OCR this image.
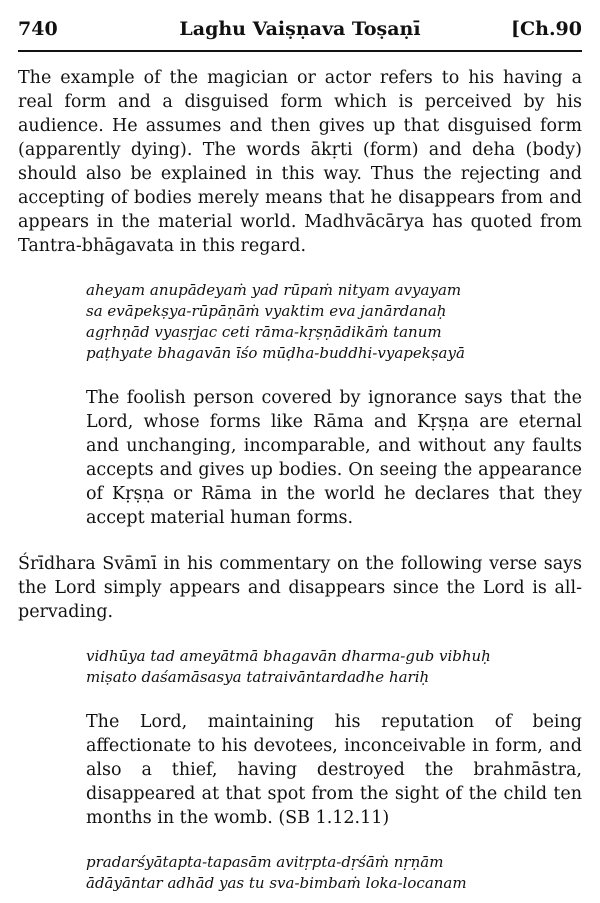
740	Laghu Vaiṣṇava Toṣaṇī	[Ch.90

The example of the magician or actor refers to his having a real form and a disguised form which is perceived by his audience. He assumes and then gives up that disguised form (apparently dying). The words ākṛti (form) and deha (body) should also be explained in this way. Thus the rejecting and accepting of bodies merely means that he disappears from and appears in the material world. Madhvācārya has quoted from Tantra-bhāgavata in this regard.

aheyam anupādeyaṁ yad rūpaṁ nityam avyayam
sa evāpekṣya-rūpāṇāṁ vyaktim eva janārdanaḥ
agṛhṇād vyasṛjac ceti rāma-kṛṣṇādikāṁ tanum
paṭhyate bhagavān īśo mūḍha-buddhi-vyapekṣayā

The foolish person covered by ignorance says that the Lord, whose forms like Rāma and Kṛṣṇa are eternal and unchanging, incomparable, and without any faults accepts and gives up bodies. On seeing the appearance of Kṛṣṇa or Rāma in the world he declares that they accept material human forms.

Śrīdhara Svāmī in his commentary on the following verse says the Lord simply appears and disappears since the Lord is all-pervading.

vidhūya tad ameyātmā bhagavān dharma-gub vibhuḥ
miṣato daśamāsasya tatraivāntardadhe hariḥ

The Lord, maintaining his reputation of being affectionate to his devotees, inconceivable in form, and also a thief, having destroyed the brahmāstra, disappeared at that spot from the sight of the child ten months in the womb. (SB 1.12.11)

pradarśyātapta-tapasām avitṛpta-dṛśāṁ nṛṇām
ādāyāntar adhād yas tu sva-bimbaṁ loka-locanam
